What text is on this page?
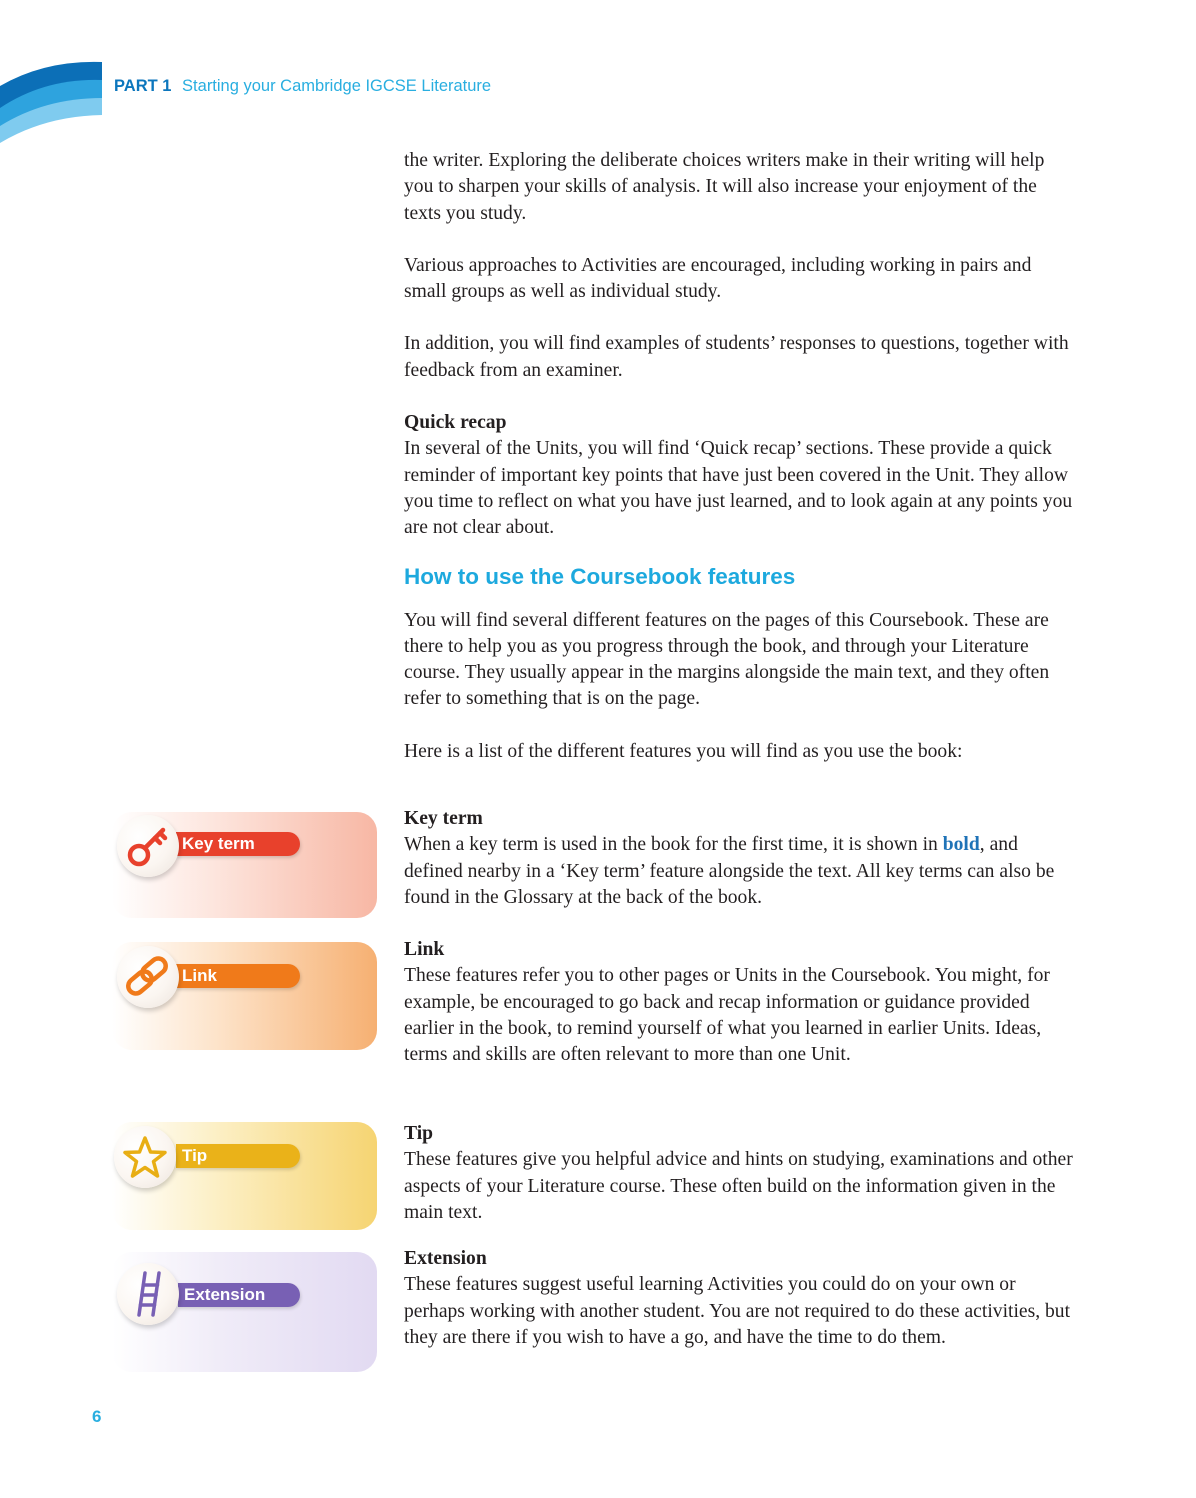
PART 1 Starting your Cambridge IGCSE Literature

the writer. Exploring the deliberate choices writers make in their writing will help you to sharpen your skills of analysis. It will also increase your enjoyment of the texts you study.

Various approaches to Activities are encouraged, including working in pairs and small groups as well as individual study.

In addition, you will find examples of students’ responses to questions, together with feedback from an examiner.

Quick recap

In several of the Units, you will find ‘Quick recap’ sections. These provide a quick reminder of important key points that have just been covered in the Unit. They allow you time to reflect on what you have just learned, and to look again at any points you are not clear about.

How to use the Coursebook features

You will find several different features on the pages of this Coursebook. These are there to help you as you progress through the book, and through your Literature course. They usually appear in the margins alongside the main text, and they often refer to something that is on the page.

Here is a list of the different features you will find as you use the book:

Key term

Key term

When a key term is used in the book for the first time, it is shown in bold, and defined nearby in a ‘Key term’ feature alongside the text. All key terms can also be found in the Glossary at the back of the book.

Link

Link

These features refer you to other pages or Units in the Coursebook. You might, for example, be encouraged to go back and recap information or guidance provided earlier in the book, to remind yourself of what you learned in earlier Units. Ideas, terms and skills are often relevant to more than one Unit.

Tip

Tip

These features give you helpful advice and hints on studying, examinations and other aspects of your Literature course. These often build on the information given in the main text.

Extension

Extension

These features suggest useful learning Activities you could do on your own or perhaps working with another student. You are not required to do these activities, but they are there if you wish to have a go, and have the time to do them.

6
